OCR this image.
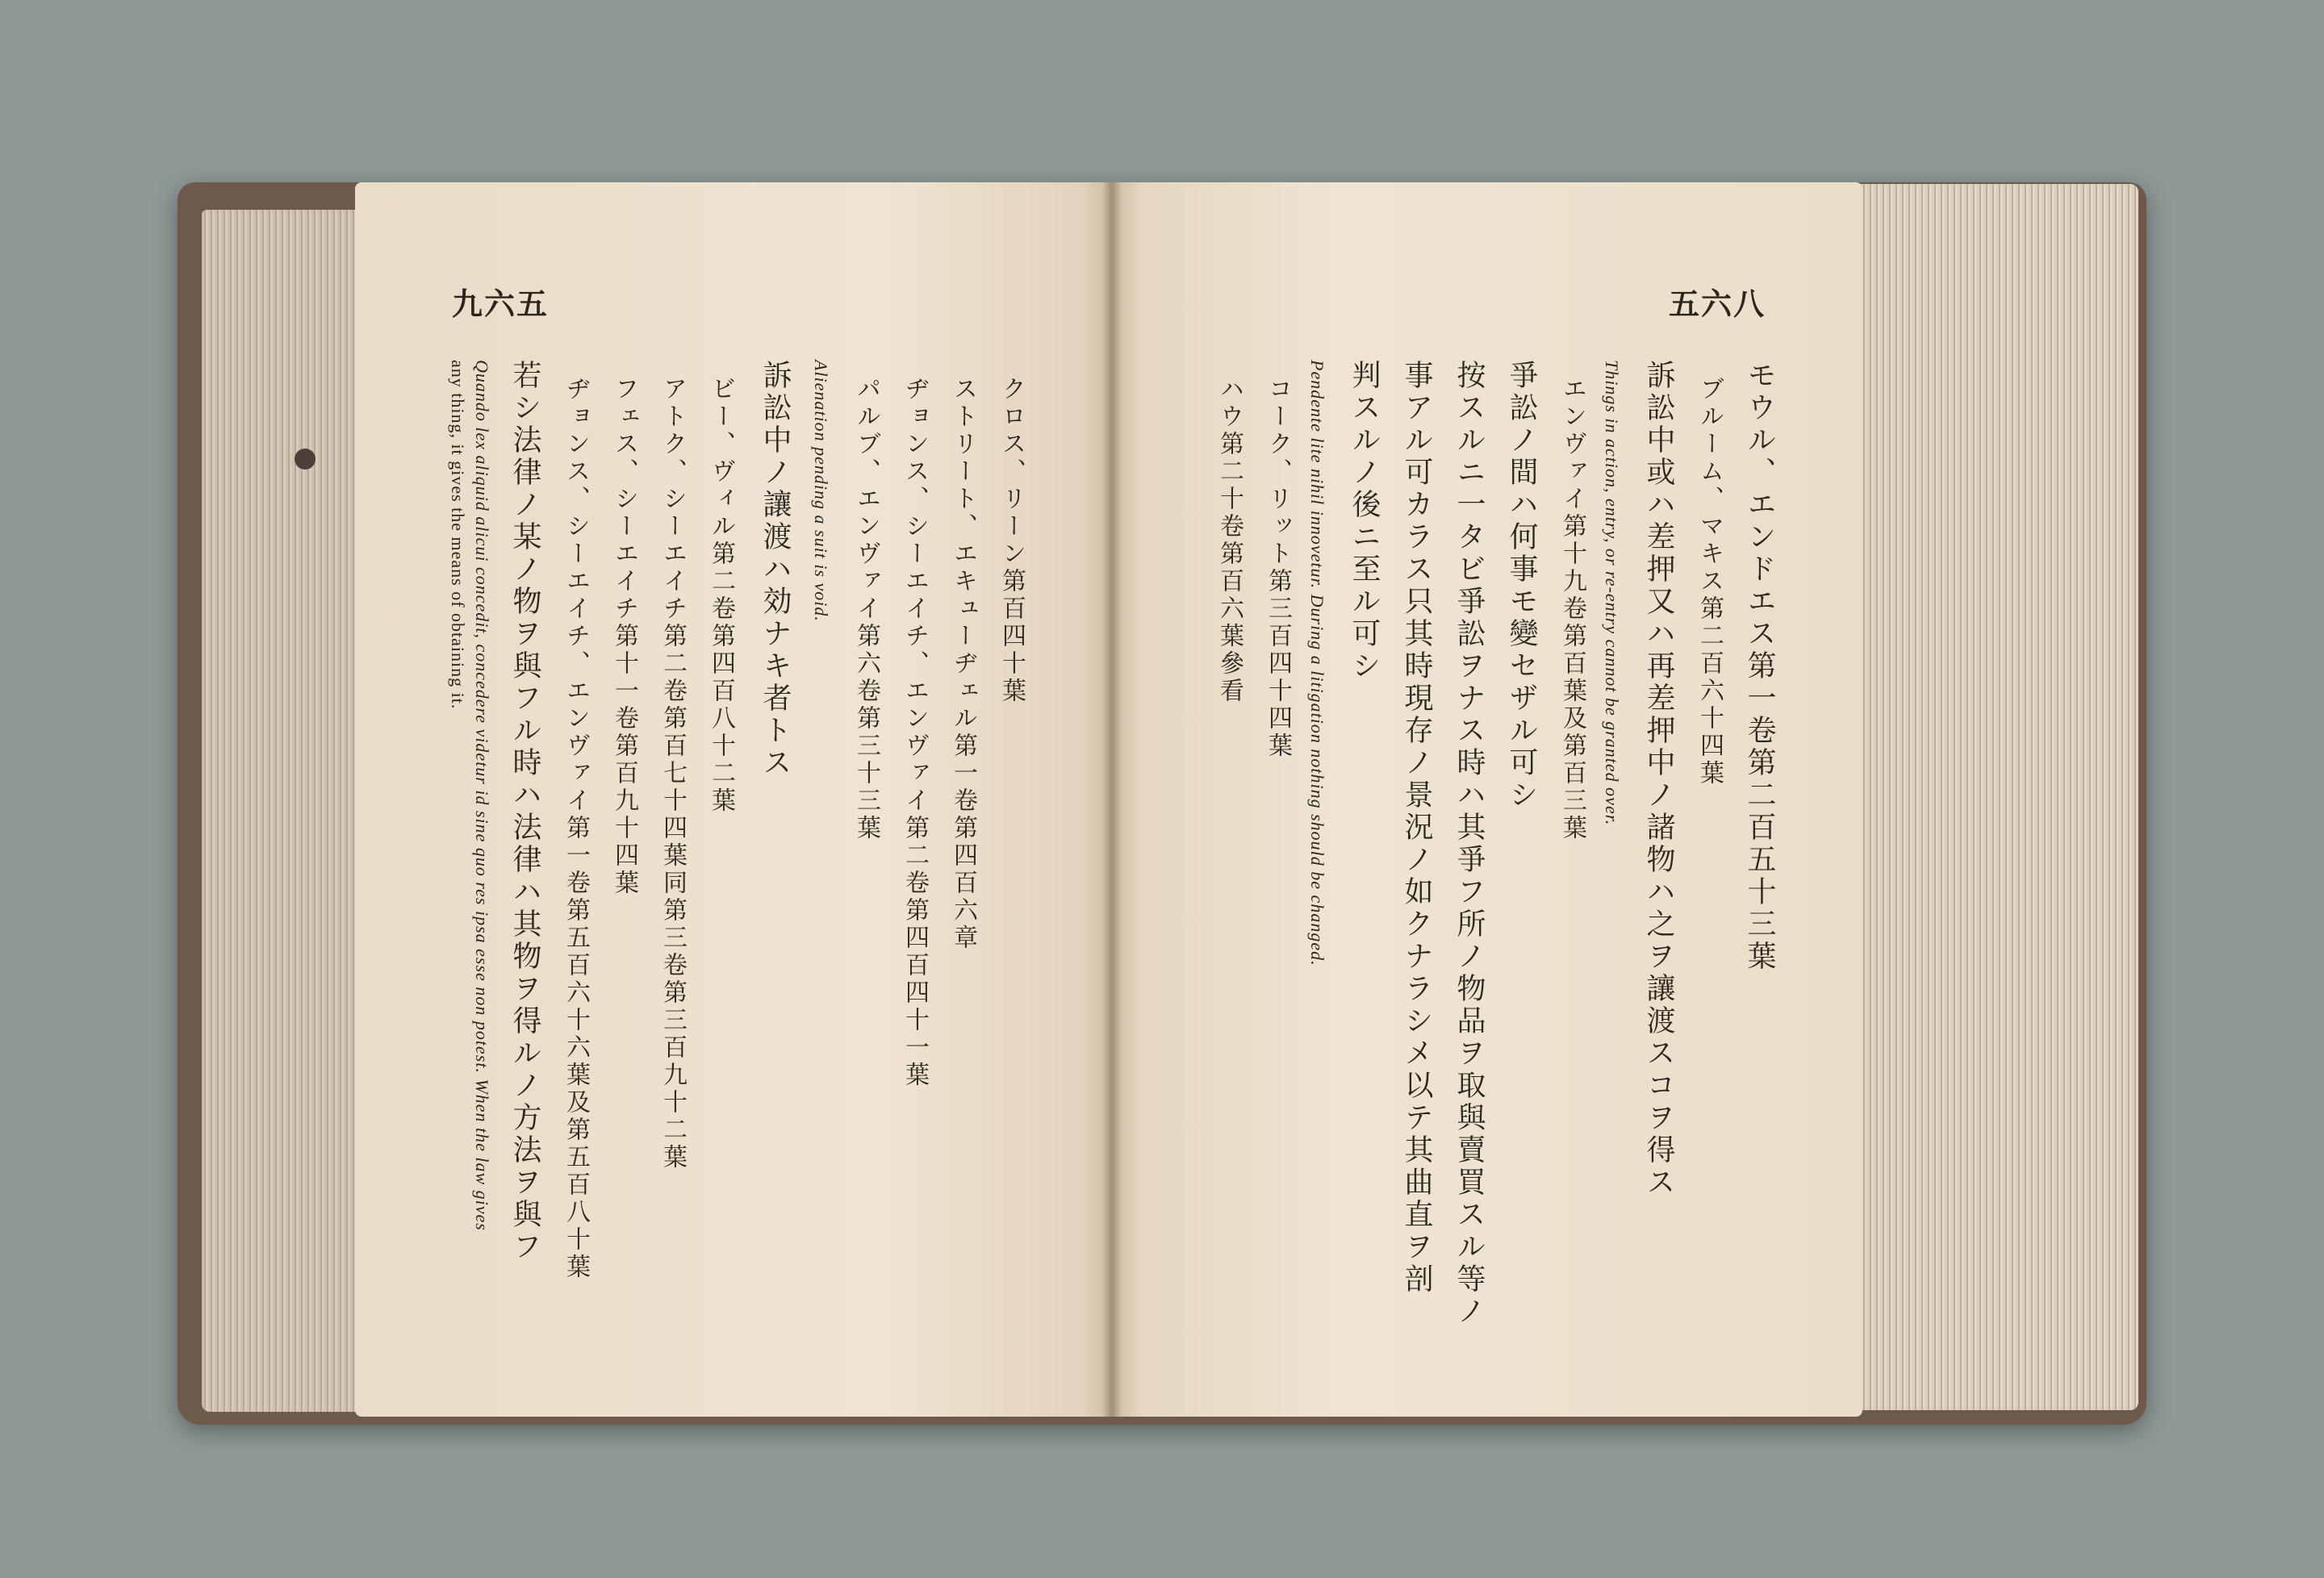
九六五
クロス、リーン第百四十葉
ストリート、エキューヂェル第一卷第四百六章
ヂョンス、シーエイチ、エンヴァイ第二卷第四百四十一葉
パルブ、エンヴァイ第六卷第三十三葉
Alienation pending a suit is void.
訴訟中ノ讓渡ハ効ナキ者トス
ビー、ヴィル第二卷第四百八十二葉
アトク、シーエイチ第二卷第百七十四葉同第三卷第三百九十二葉
フェス、シーエイチ第十一卷第百九十四葉
ヂョンス、シーエイチ、エンヴァイ第一卷第五百六十六葉及第五百八十葉
若シ法律ノ某ノ物ヲ與フル時ハ法律ハ其物ヲ得ルノ方法ヲ與フ
Quando lex aliquid alicui concedit, concedere videtur id sine quo res ipsa esse non potest. When the law gives
any thing, it gives the means of obtaining it.
五六八
モウル、エンドエス第一卷第二百五十三葉
ブルーム、マキス第二百六十四葉
訴訟中或ハ差押又ハ再差押中ノ諸物ハ之ヲ讓渡スコヲ得ス
Things in action, entry, or re-entry cannot be granted over.
エンヴァイ第十九卷第百葉及第百三葉
爭訟ノ間ハ何事モ變セザル可シ
按スルニ一タビ爭訟ヲナス時ハ其爭フ所ノ物品ヲ取與賣買スル等ノ
事アル可カラス只其時現存ノ景況ノ如クナラシメ以テ其曲直ヲ剖
判スルノ後ニ至ル可シ
Pendente lite nihil innovetur. During a litigation nothing should be changed.
コーク、リット第三百四十四葉
ハウ第二十卷第百六葉參看
